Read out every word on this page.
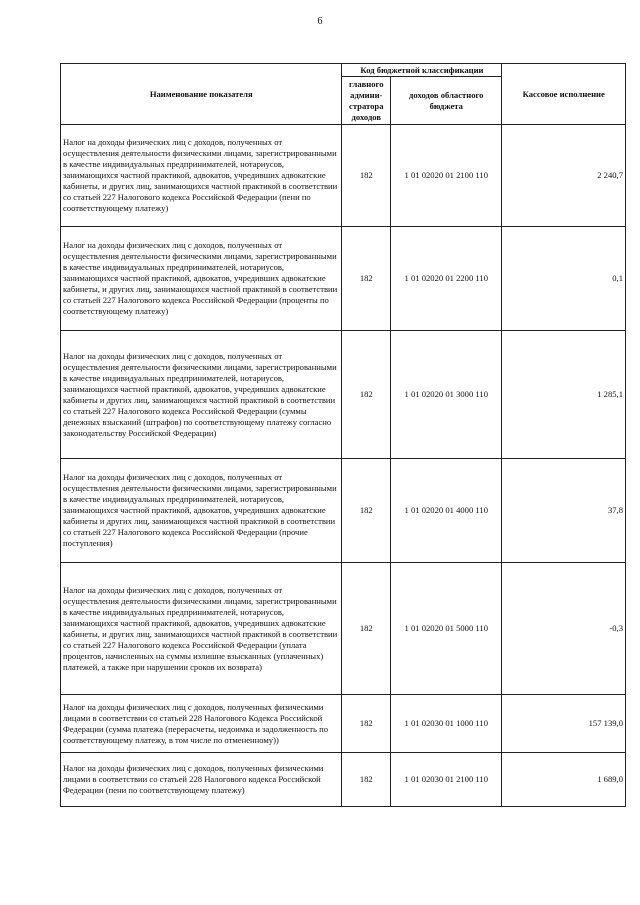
6
Наименование показателя	Код бюджетной классификации		Кассовое исполнение
	главного админи-стратора доходов	доходов областного бюджета	
Налог на доходы физических лиц с доходов, полученных от осуществления деятельности физическими лицами, зарегистрированными в качестве индивидуальных предпринимателей, нотариусов, занимающихся частной практикой, адвокатов, учредивших адвокатские кабинеты, и других лиц, занимающихся частной практикой в соответствии со статьей 227 Налогового кодекса Российской Федерации (пени по соответствующему платежу)	182	1 01 02020 01 2100 110	2 240,7
Налог на доходы физических лиц с доходов, полученных от осуществления деятельности физическими лицами, зарегистрированными в качестве индивидуальных предпринимателей, нотариусов, занимающихся частной практикой, адвокатов, учредивших адвокатские кабинеты, и других лиц, занимающихся частной практикой в соответствии со статьей 227 Налогового кодекса Российской Федерации (проценты по соответствующему платежу)	182	1 01 02020 01 2200 110	0,1
Налог на доходы физических лиц с доходов, полученных от осуществления деятельности физическими лицами, зарегистрированными в качестве индивидуальных предпринимателей, нотариусов, занимающихся частной практикой, адвокатов, учредивших адвокатские кабинеты и других лиц, занимающихся частной практикой в соответствии со статьей 227 Налогового кодекса Российской Федерации (суммы денежных взысканий (штрафов) по соответствующему платежу согласно законодательству Российской Федерации)	182	1 01 02020 01 3000 110	1 285,1
Налог на доходы физических лиц с доходов, полученных от осуществления деятельности физическими лицами, зарегистрированными в качестве индивидуальных предпринимателей, нотариусов, занимающихся частной практикой, адвокатов, учредивших адвокатские кабинеты и других лиц, занимающихся частной практикой в соответствии со статьей 227 Налогового кодекса Российской Федерации (прочие поступления)	182	1 01 02020 01 4000 110	37,8
Налог на доходы физических лиц с доходов, полученных от осуществления деятельности физическими лицами, зарегистрированными в качестве индивидуальных предпринимателей, нотариусов, занимающихся частной практикой, адвокатов, учредивших адвокатские кабинеты, и других лиц, занимающихся частной практикой в соответствии со статьей 227 Налогового кодекса Российской Федерации (уплата процентов, начисленных на суммы излишне взысканных (уплаченных) платежей, а также при нарушении сроков их возврата)	182	1 01 02020 01 5000 110	-0,3
Налог на доходы физических лиц с доходов, полученных физическими лицами в соответствии со статьей 228 Налогового Кодекса Российской Федерации (сумма платежа (перерасчеты, недоимка и задолженность по соответствующему платежу, в том числе по отмененному))	182	1 01 02030 01 1000 110	157 139,0
Налог на доходы физических лиц с доходов, полученных физическими лицами в соответствии со статьей 228 Налогового кодекса Российской Федерации (пени по соответствующему платежу)	182	1 01 02030 01 2100 110	1 689,0
